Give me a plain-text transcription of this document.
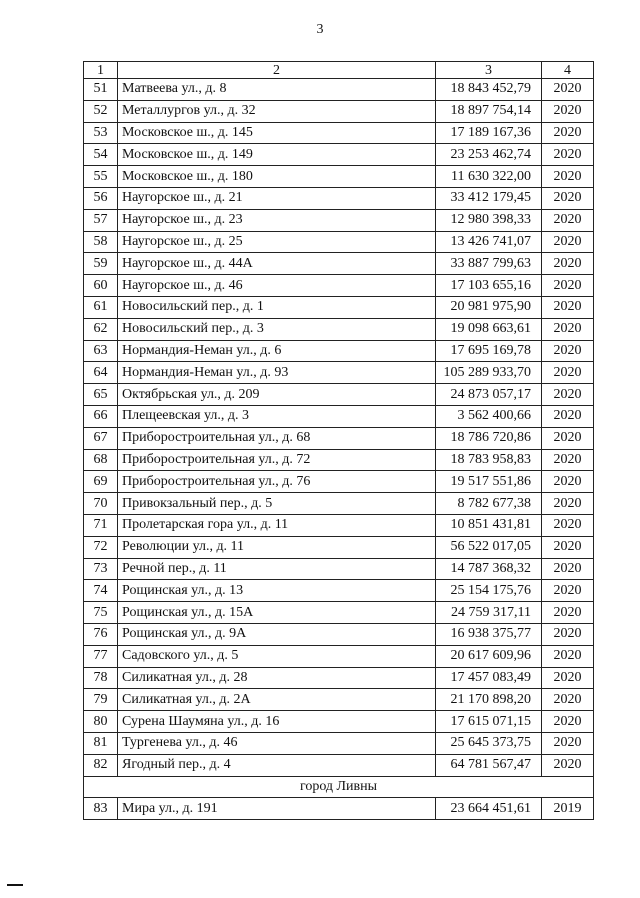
3
1	2	3	4
51	Матвеева ул., д. 8	18 843 452,79	2020
52	Металлургов ул., д. 32	18 897 754,14	2020
53	Московское ш., д. 145	17 189 167,36	2020
54	Московское ш., д. 149	23 253 462,74	2020
55	Московское ш., д. 180	11 630 322,00	2020
56	Наугорское ш., д. 21	33 412 179,45	2020
57	Наугорское ш., д. 23	12 980 398,33	2020
58	Наугорское ш., д. 25	13 426 741,07	2020
59	Наугорское ш., д. 44А	33 887 799,63	2020
60	Наугорское ш., д. 46	17 103 655,16	2020
61	Новосильский пер., д. 1	20 981 975,90	2020
62	Новосильский пер., д. 3	19 098 663,61	2020
63	Нормандия-Неман ул., д. 6	17 695 169,78	2020
64	Нормандия-Неман ул., д. 93	105 289 933,70	2020
65	Октябрьская ул., д. 209	24 873 057,17	2020
66	Плещеевская ул., д. 3	3 562 400,66	2020
67	Приборостроительная ул., д. 68	18 786 720,86	2020
68	Приборостроительная ул., д. 72	18 783 958,83	2020
69	Приборостроительная ул., д. 76	19 517 551,86	2020
70	Привокзальный пер., д. 5	8 782 677,38	2020
71	Пролетарская гора ул., д. 11	10 851 431,81	2020
72	Революции ул., д. 11	56 522 017,05	2020
73	Речной пер., д. 11	14 787 368,32	2020
74	Рощинская ул., д. 13	25 154 175,76	2020
75	Рощинская ул., д. 15А	24 759 317,11	2020
76	Рощинская ул., д. 9А	16 938 375,77	2020
77	Садовского ул., д. 5	20 617 609,96	2020
78	Силикатная ул., д. 28	17 457 083,49	2020
79	Силикатная ул., д. 2А	21 170 898,20	2020
80	Сурена Шаумяна ул., д. 16	17 615 071,15	2020
81	Тургенева ул., д. 46	25 645 373,75	2020
82	Ягодный пер., д. 4	64 781 567,47	2020
город Ливны			
83	Мира ул., д. 191	23 664 451,61	2019
